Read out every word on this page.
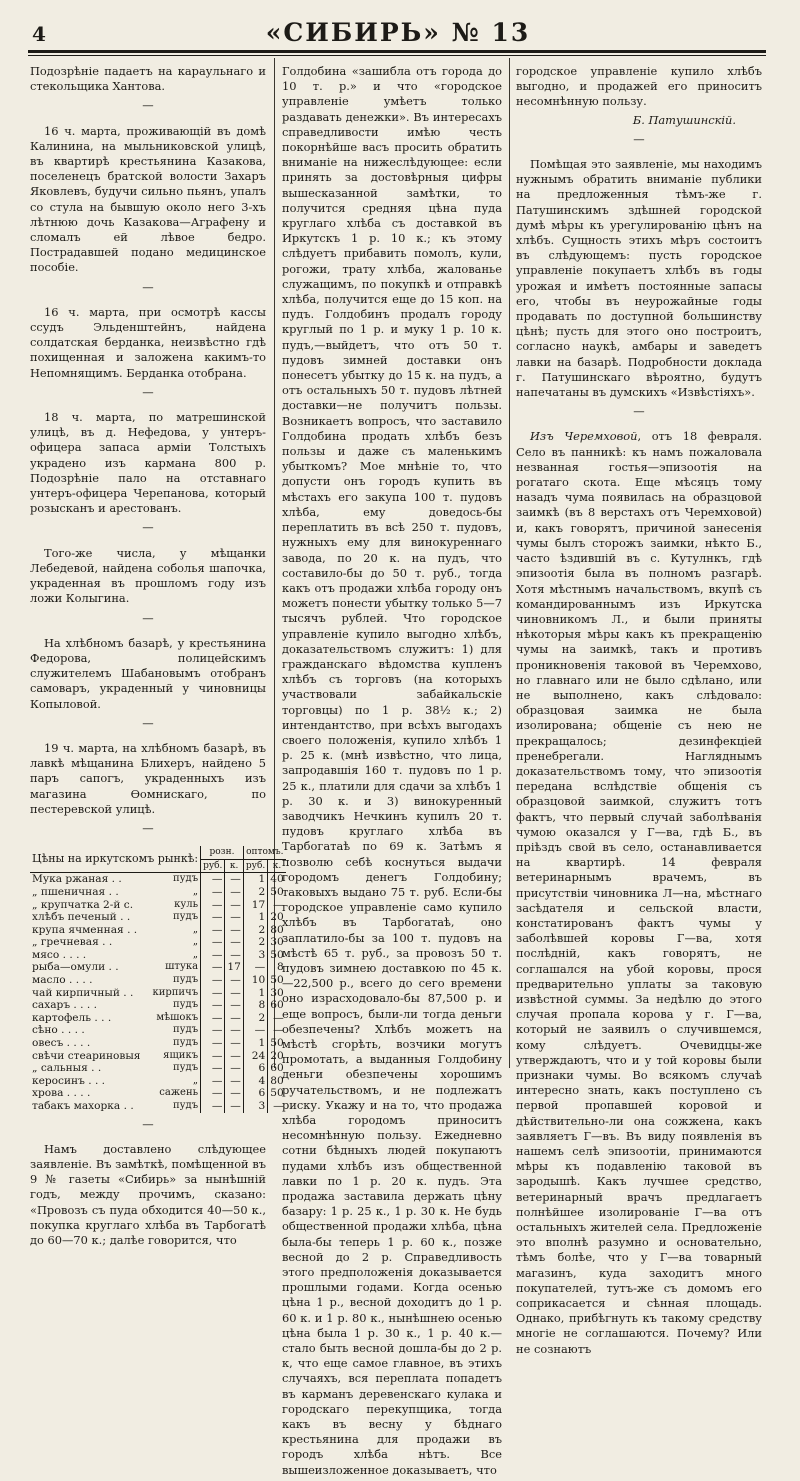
4	«СИБИРЬ» № 13

Подозрѣніе падаетъ на караульнаго и стекольщика Хантова.

—

16 ч. марта, проживающій въ домѣ Калинина, на мыльниковской улицѣ, въ квартирѣ крестьянина Казакова, поселенецъ братской волости Захаръ Яковлевъ, будучи сильно пьянъ, упалъ со стула на бывшую около него 3-хъ лѣтнюю дочь Казакова—Аграфену и сломалъ ей лѣвое бедро. Пострадавшей подано медицинское пособіе.

—

16 ч. марта, при осмотрѣ кассы ссудъ Эльденштейнъ, найдена солдатская берданка, неизвѣстно гдѣ похищенная и заложена какимъ-то Непомнящимъ. Берданка отобрана.

—

18 ч. марта, по матрешинской улицѣ, въ д. Нефедова, у унтеръ-офицера запаса арміи Толстыхъ украдено изъ кармана 800 р. Подозрѣніе пало на отставнаго унтеръ-офицера Черепанова, который розысканъ и арестованъ.

—

Того-же числа, у мѣщанки Лебедевой, найдена соболья шапочка, украденная въ прошломъ году изъ ложи Колыгина.

—

На хлѣбномъ базарѣ, у крестьянина Федорова, полицейскимъ служителемъ Шабановымъ отобранъ самоваръ, украденный у чиновницы Копыловой.

—

19 ч. марта, на хлѣбномъ базарѣ, въ лавкѣ мѣщанина Блихеръ, найдено 5 паръ сапогъ, украденныхъ изъ магазина Өомнискаго, по пестеревской улицѣ.

—
Цѣны на иркутскомъ рынкѣ:	розн.		оптомъ.	
	руб.	к.	руб.	к.
Мука ржаная . . пудъ	—	—	1	40
„ пшеничная . . „	—	—	2	50
„ крупчатка 2-й с. куль	—	—	17	—
хлѣбъ печеный . . пудъ	—	—	1	20
крупа ячменная . . „	—	—	2	80
„ гречневая . . „	—	—	2	30
мясо . . . . „	—	—	3	50
рыба—омули . . штука	—	17	—	8
масло . . . . пудъ	—	—	10	50
чай кирпичный . . кирпичъ	—	—	1	30
сахаръ . . . . пудъ	—	—	8	60
картофель . . . мѣшокъ	—	—	2	—
сѣно . . . . пудъ	—	—	—	—
овесъ . . . . пудъ	—	—	1	50
свѣчи стеариновыя ящикъ	—	—	24	20
„ сальныя . . пудъ	—	—	6	60
керосинъ . . . „	—	—	4	80
хрова . . . . сажень	—	—	6	50
табакъ махорка . . пудъ	—	—	3	—
—

Намъ доставлено слѣдующее заявленіе. Въ замѣткѣ, помѣщенной въ 9 № газеты «Сибирь» за нынѣшній годъ, между прочимъ, сказано: «Провозъ съ пуда обходится 40—50 к., покупка круглаго хлѣба въ Тарбогатѣ до 60—70 к.; далѣе говорится, что

Голдобина «зашибла отъ города до 10 т. р.» и что «городское управленіе умѣетъ только раздавать денежки». Въ интересахъ справедливости имѣю честь покорнѣйше васъ просить обратить вниманіе на нижеслѣдующее: если принять за достовѣрныя цифры вышесказанной замѣтки, то получится средняя цѣна пуда круглаго хлѣба съ доставкой въ Иркутскъ 1 р. 10 к.; къ этому слѣдуетъ прибавить помолъ, кули, рогожи, трату хлѣба, жалованье служащимъ, по покупкѣ и отправкѣ хлѣба, получится еще до 15 коп. на пудъ. Голдобинъ продалъ городу круглый по 1 р. и муку 1 р. 10 к. пудъ,—выйдетъ, что отъ 50 т. пудовъ зимней доставки онъ понесетъ убытку до 15 к. на пудъ, а отъ остальныхъ 50 т. пудовъ лѣтней доставки—не получитъ пользы. Возникаетъ вопросъ, что заставило Голдобина продать хлѣбъ безъ пользы и даже съ маленькимъ убыткомъ? Мое мнѣніе то, что допусти онъ городъ купить въ мѣстахъ его закупа 100 т. пудовъ хлѣба, ему доведось-бы переплатить въ всѣ 250 т. пудовъ, нужныхъ ему для винокуреннаго завода, по 20 к. на пудъ, что составило-бы до 50 т. руб., тогда какъ отъ продажи хлѣба городу онъ можетъ понести убытку только 5—7 тысячъ рублей. Что городское управленіе купило выгодно хлѣбъ, доказательствомъ служитъ: 1) для гражданскаго вѣдомства купленъ хлѣбъ съ торговъ (на которыхъ участвовали забайкальскіе торговцы) по 1 р. 38½ к.; 2) интендантство, при всѣхъ выгодахъ своего положенія, купило хлѣбъ 1 р. 25 к. (мнѣ извѣстно, что лица, запродавшія 160 т. пудовъ по 1 р. 25 к., платили для сдачи за хлѣбъ 1 р. 30 к. и 3) винокуренный заводчикъ Нечкинъ купилъ 20 т. пудовъ круглаго хлѣба въ Тарбогатаѣ по 69 к. Затѣмъ я позволю себѣ коснуться выдачи городомъ денегъ Голдобину; таковыхъ выдано 75 т. руб. Если-бы городское управленіе само купило хлѣбъ въ Тарбогатаѣ, оно заплатило-бы за 100 т. пудовъ на мѣстѣ 65 т. руб., за провозъ 50 т. пудовъ зимнею доставкою по 45 к.—22,500 р., всего до сего времени оно израсходовало-бы 87,500 р. и еще вопросъ, были-ли тогда деньги обезпечены? Хлѣбъ можетъ на мѣстѣ сгорѣть, возчики могутъ промотать, а выданныя Голдобину деньги обезпечены хорошимъ ручательствомъ, и не подлежатъ риску. Укажу и на то, что продажа хлѣба городомъ приноситъ несомнѣнную пользу. Ежедневно сотни бѣдныхъ людей покупаютъ пудами хлѣбъ изъ общественной лавки по 1 р. 20 к. пудъ. Эта продажа заставила держать цѣну базару: 1 р. 25 к., 1 р. 30 к. Не будь общественной продажи хлѣба, цѣна была-бы теперь 1 р. 60 к., позже весной до 2 р. Справедливость этого предположенія доказывается прошлыми годами. Когда осенью цѣна 1 р., весной доходитъ до 1 р. 60 к. и 1 р. 80 к., нынѣшнею осенью цѣна была 1 р. 30 к., 1 р. 40 к.—стало быть весной дошла-бы до 2 р. к, что еще самое главное, въ этихъ случаяхъ, вся переплата попадетъ въ карманъ деревенскаго кулака и городскаго перекупщика, тогда какъ въ весну у бѣднаго крестьянина для продажи въ городъ хлѣба нѣтъ. Все вышеизложенное доказываетъ, что

городское управленіе купило хлѣбъ выгодно, и продажей его приноситъ несомнѣнную пользу.

Б. Патушинскій.

—

Помѣщая это заявленіе, мы находимъ нужнымъ обратить вниманіе публики на предложенныя тѣмъ-же г. Патушинскимъ здѣшней городской думѣ мѣры къ урегулированію цѣнъ на хлѣбъ. Сущность этихъ мѣръ состоитъ въ слѣдующемъ: пусть городское управленіе покупаетъ хлѣбъ въ годы урожая и имѣетъ постоянные запасы его, чтобы въ неурожайные годы продавать по доступной большинству цѣнѣ; пусть для этого оно построитъ, согласно наукѣ, амбары и заведетъ лавки на базарѣ. Подробности доклада г. Патушинскаго вѣроятно, будутъ напечатаны въ думскихъ «Извѣстіяхъ».

—

Изъ Черемховой, отъ 18 февраля. Село въ панникѣ: къ намъ пожаловала незванная гостья—эпизоотія на рогатаго скота. Еще мѣсяцъ тому назадъ чума появилась на образцовой заимкѣ (въ 8 верстахъ отъ Черемховой) и, какъ говорятъ, причиной занесенія чумы былъ сторожъ заимки, нѣкто Б., часто ѣздившій въ с. Кутулнкъ, гдѣ эпизоотія была въ полномъ разгарѣ. Хотя мѣстнымъ начальствомъ, вкупѣ съ командированнымъ изъ Иркутска чиновникомъ Л., и были приняты нѣкоторыя мѣры какъ къ прекращенію чумы на заимкѣ, такъ и противъ проникновенія таковой въ Черемхово, но главнаго или не было сдѣлано, или не выполнено, какъ слѣдовало: образцовая заимка не была изолирована; общеніе съ нею не прекращалось; дезинфекціей пренебрегали. Нагляднымъ доказательствомъ тому, что эпизоотія передана вслѣдствіе общенія съ образцовой заимкой, служитъ тотъ фактъ, что первый случай заболѣванія чумою оказался у Г—ва, гдѣ Б., въ пріѣздъ свой въ село, останавливается на квартирѣ. 14 февраля ветеринарнымъ врачемъ, въ присутствіи чиновника Л—на, мѣстнаго засѣдателя и сельской власти, констатированъ фактъ чумы у заболѣвшей коровы Г—ва, хотя послѣдній, какъ говорятъ, не соглашался на убой коровы, прося предварительно уплаты за таковую извѣстной суммы. За недѣлю до этого случая пропала корова у г. Г—ва, который не заявилъ о случившемся, кому слѣдуетъ. Очевидцы-же утверждаютъ, что и у той коровы были признаки чумы. Во всякомъ случаѣ интересно знать, какъ поступлено съ первой пропавшей коровой и дѣйствительно-ли она сожжена, какъ заявляетъ Г—въ. Въ виду появленія въ нашемъ селѣ эпизоотіи, принимаются мѣры къ подавленію таковой въ зародышѣ. Какъ лучшее средство, ветеринарный врачъ предлагаетъ полнѣйшее изолированіе Г—ва отъ остальныхъ жителей села. Предложеніе это вполнѣ разумно и основательно, тѣмъ болѣе, что у Г—ва товарный магазинъ, куда заходитъ много покупателей, тутъ-же съ домомъ его соприкасается и сѣнная площадь. Однако, прибѣгнуть къ такому средству многіе не соглашаются. Почему? Или не сознаютъ
